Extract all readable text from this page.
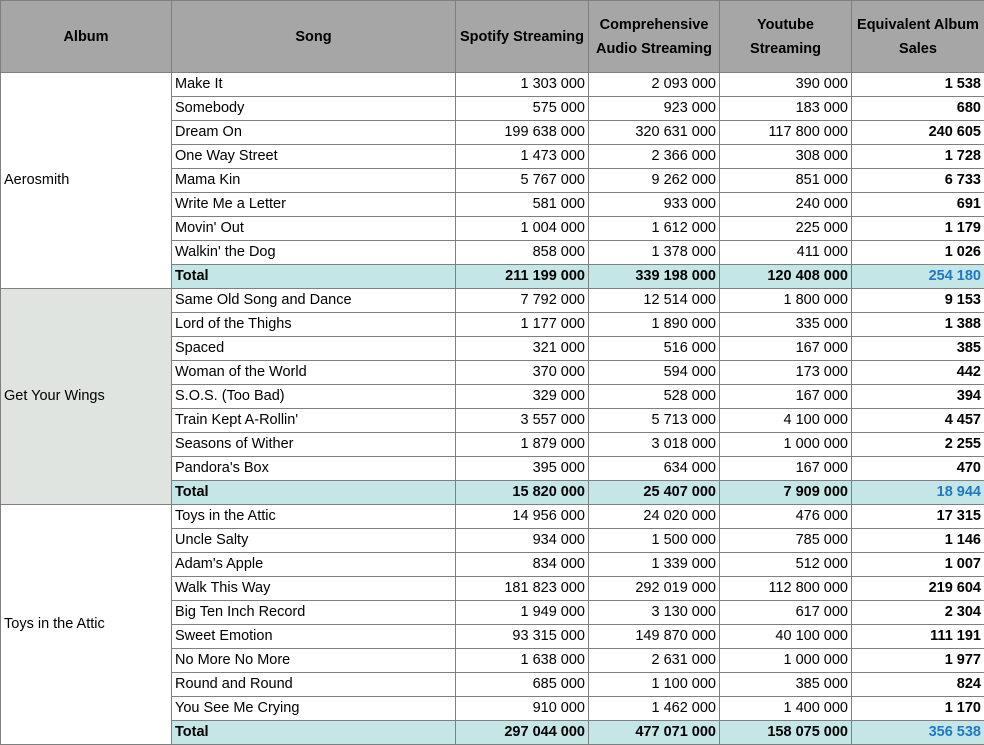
Album	Song	Spotify Streaming	Comprehensive Audio Streaming	Youtube Streaming	Equivalent Album Sales
Aerosmith	Make It	1 303 000	2 093 000	390 000	1 538
	Somebody	575 000	923 000	183 000	680
	Dream On	199 638 000	320 631 000	117 800 000	240 605
	One Way Street	1 473 000	2 366 000	308 000	1 728
	Mama Kin	5 767 000	9 262 000	851 000	6 733
	Write Me a Letter	581 000	933 000	240 000	691
	Movin' Out	1 004 000	1 612 000	225 000	1 179
	Walkin' the Dog	858 000	1 378 000	411 000	1 026
	Total	211 199 000	339 198 000	120 408 000	254 180
Get Your Wings	Same Old Song and Dance	7 792 000	12 514 000	1 800 000	9 153
	Lord of the Thighs	1 177 000	1 890 000	335 000	1 388
	Spaced	321 000	516 000	167 000	385
	Woman of the World	370 000	594 000	173 000	442
	S.O.S. (Too Bad)	329 000	528 000	167 000	394
	Train Kept A-Rollin'	3 557 000	5 713 000	4 100 000	4 457
	Seasons of Wither	1 879 000	3 018 000	1 000 000	2 255
	Pandora's Box	395 000	634 000	167 000	470
	Total	15 820 000	25 407 000	7 909 000	18 944
Toys in the Attic	Toys in the Attic	14 956 000	24 020 000	476 000	17 315
	Uncle Salty	934 000	1 500 000	785 000	1 146
	Adam's Apple	834 000	1 339 000	512 000	1 007
	Walk This Way	181 823 000	292 019 000	112 800 000	219 604
	Big Ten Inch Record	1 949 000	3 130 000	617 000	2 304
	Sweet Emotion	93 315 000	149 870 000	40 100 000	111 191
	No More No More	1 638 000	2 631 000	1 000 000	1 977
	Round and Round	685 000	1 100 000	385 000	824
	You See Me Crying	910 000	1 462 000	1 400 000	1 170
	Total	297 044 000	477 071 000	158 075 000	356 538
